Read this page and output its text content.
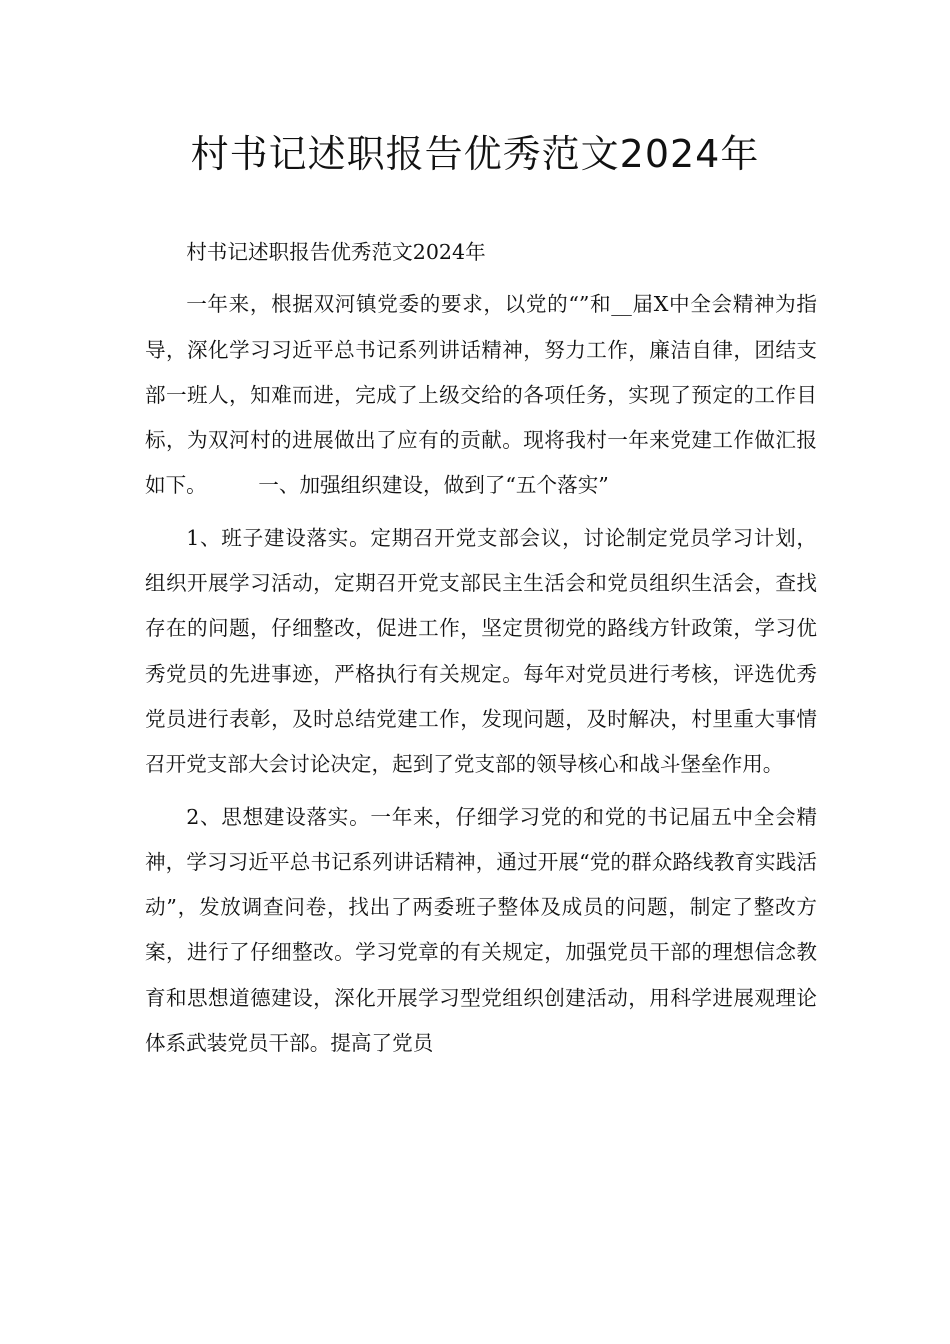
村书记述职报告优秀范文2024年

村书记述职报告优秀范文2024年

一年来，根据双河镇党委的要求，以党的“”和__届X中全会精神为指导，深化学习习近平总书记系列讲话精神，努力工作，廉洁自律，团结支部一班人，知难而进，完成了上级交给的各项任务，实现了预定的工作目标，为双河村的进展做出了应有的贡献。现将我村一年来党建工作做汇报如下。　　　一、加强组织建设，做到了“五个落实”

1、班子建设落实。定期召开党支部会议，讨论制定党员学习计划，组织开展学习活动，定期召开党支部民主生活会和党员组织生活会，查找存在的问题，仔细整改，促进工作，坚定贯彻党的路线方针政策，学习优秀党员的先进事迹，严格执行有关规定。每年对党员进行考核，评选优秀党员进行表彰，及时总结党建工作，发现问题，及时解决，村里重大事情召开党支部大会讨论决定，起到了党支部的领导核心和战斗堡垒作用。

2、思想建设落实。一年来，仔细学习党的和党的书记届五中全会精神，学习习近平总书记系列讲话精神，通过开展“党的群众路线教育实践活动”，发放调查问卷，找出了两委班子整体及成员的问题，制定了整改方案，进行了仔细整改。学习党章的有关规定，加强党员干部的理想信念教育和思想道德建设，深化开展学习型党组织创建活动，用科学进展观理论体系武装党员干部。提高了党员
